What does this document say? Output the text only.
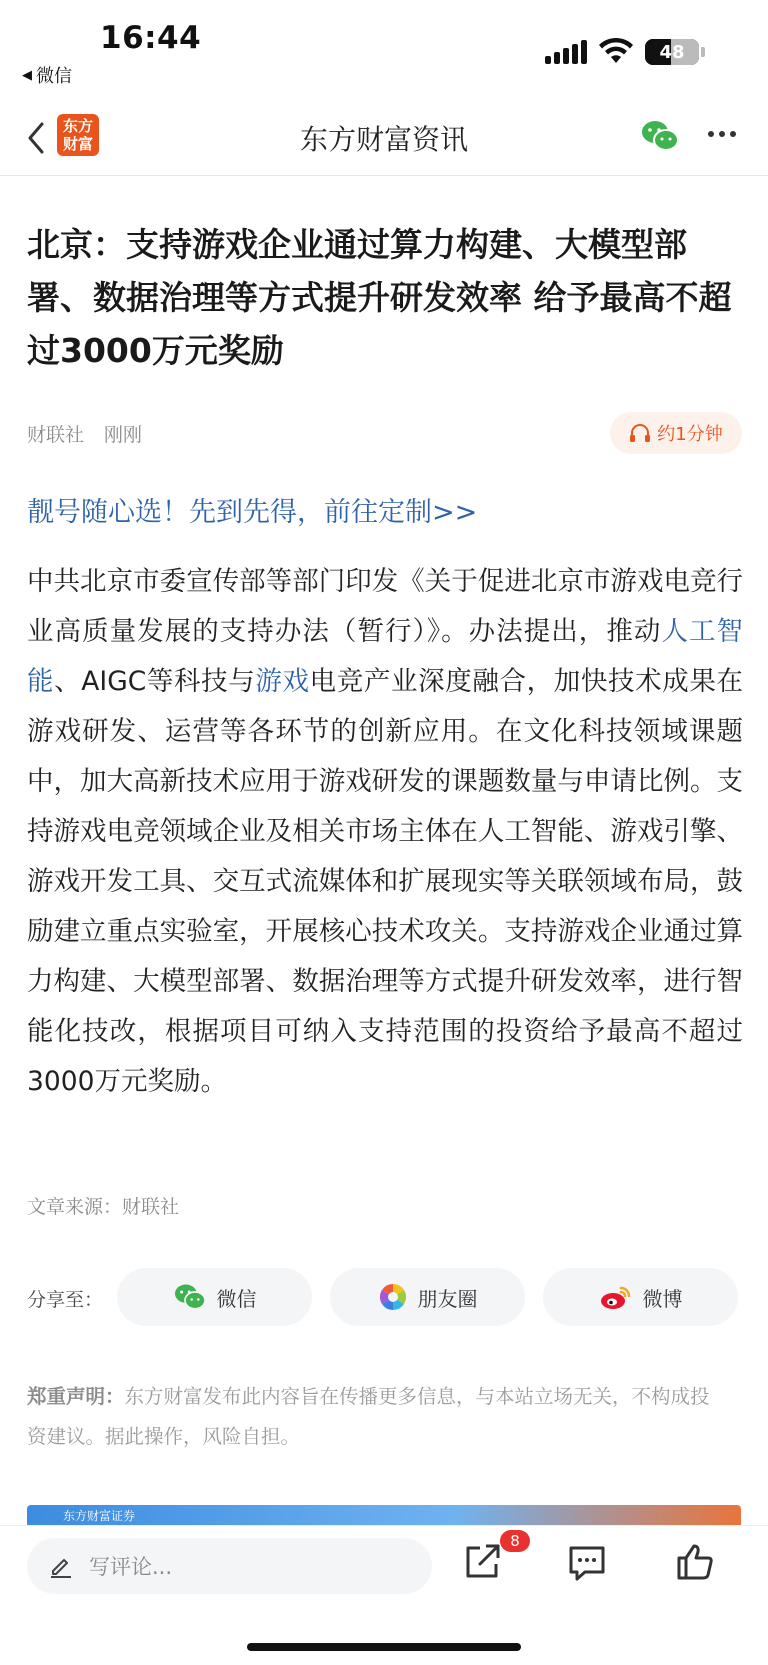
16:44
◀ 微信
48
东方
财富	东方财富资讯
北京：支持游戏企业通过算力构建、大模型部署、数据治理等方式提升研发效率 给予最高不超过3000万元奖励
财联社 刚刚	约1分钟
靓号随心选！先到先得，前往定制>>
中共北京市委宣传部等部门印发《关于促进北京市游戏电竞行业高质量发展的支持办法（暂行）》。办法提出，推动人工智能、AIGC等科技与游戏电竞产业深度融合，加快技术成果在游戏研发、运营等各环节的创新应用。在文化科技领域课题中，加大高新技术应用于游戏研发的课题数量与申请比例。支持游戏电竞领域企业及相关市场主体在人工智能、游戏引擎、游戏开发工具、交互式流媒体和扩展现实等关联领域布局，鼓励建立重点实验室，开展核心技术攻关。支持游戏企业通过算力构建、大模型部署、数据治理等方式提升研发效率，进行智能化技改，根据项目可纳入支持范围的投资给予最高不超过3000万元奖励。
文章来源：财联社
分享至：	微信	朋友圈	微博
郑重声明：东方财富发布此内容旨在传播更多信息，与本站立场无关，不构成投资建议。据此操作，风险自担。
东方财富证券
写评论...
8
